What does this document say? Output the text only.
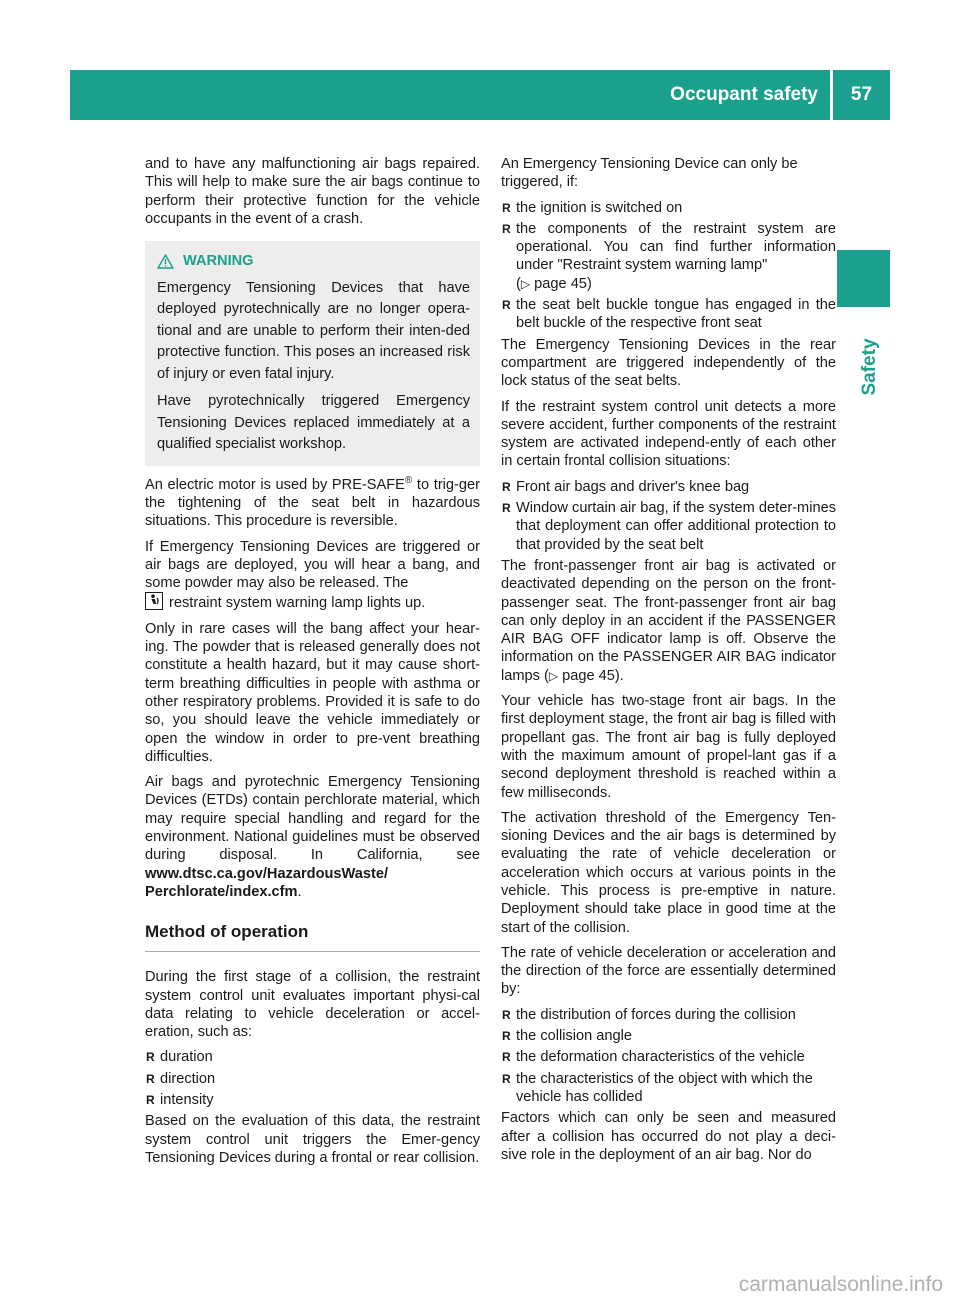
Occupant safety	57
Safety

and to have any malfunctioning air bags repaired. This will help to make sure the air bags continue to perform their protective function for the vehicle occupants in the event of a crash.

WARNING

Emergency Tensioning Devices that have deployed pyrotechnically are no longer opera-tional and are unable to perform their inten-ded protective function. This poses an increased risk of injury or even fatal injury.

Have pyrotechnically triggered Emergency Tensioning Devices replaced immediately at a qualified specialist workshop.

An electric motor is used by PRE-SAFE® to trig-ger the tightening of the seat belt in hazardous situations. This procedure is reversible.

If Emergency Tensioning Devices are triggered or air bags are deployed, you will hear a bang, and some powder may also be released. The

restraint system warning lamp lights up.

Only in rare cases will the bang affect your hear-ing. The powder that is released generally does not constitute a health hazard, but it may cause short-term breathing difficulties in people with asthma or other respiratory problems. Provided it is safe to do so, you should leave the vehicle immediately or open the window in order to pre-vent breathing difficulties.

Air bags and pyrotechnic Emergency Tensioning Devices (ETDs) contain perchlorate material, which may require special handling and regard for the environment. National guidelines must be observed during disposal. In California, see www.dtsc.ca.gov/HazardousWaste/ Perchlorate/index.cfm.

Method of operation

During the first stage of a collision, the restraint system control unit evaluates important physi-cal data relating to vehicle deceleration or accel-eration, such as:

R duration
R direction
R intensity

Based on the evaluation of this data, the restraint system control unit triggers the Emer-gency Tensioning Devices during a frontal or rear collision.

An Emergency Tensioning Device can only be triggered, if:

R the ignition is switched on
R the components of the restraint system are operational. You can find further information under "Restraint system warning lamp"
(▷ page 45)
R the seat belt buckle tongue has engaged in the belt buckle of the respective front seat

The Emergency Tensioning Devices in the rear compartment are triggered independently of the lock status of the seat belts.

If the restraint system control unit detects a more severe accident, further components of the restraint system are activated independ-ently of each other in certain frontal collision situations:

R Front air bags and driver's knee bag
R Window curtain air bag, if the system deter-mines that deployment can offer additional protection to that provided by the seat belt

The front-passenger front air bag is activated or deactivated depending on the person on the front-passenger seat. The front-passenger front air bag can only deploy in an accident if the PASSENGER AIR BAG OFF indicator lamp is off. Observe the information on the PASSENGER AIR BAG indicator lamps (▷ page 45).

Your vehicle has two-stage front air bags. In the first deployment stage, the front air bag is filled with propellant gas. The front air bag is fully deployed with the maximum amount of propel-lant gas if a second deployment threshold is reached within a few milliseconds.

The activation threshold of the Emergency Ten-sioning Devices and the air bags is determined by evaluating the rate of vehicle deceleration or acceleration which occurs at various points in the vehicle. This process is pre-emptive in nature. Deployment should take place in good time at the start of the collision.

The rate of vehicle deceleration or acceleration and the direction of the force are essentially determined by:

R the distribution of forces during the collision
R the collision angle
R the deformation characteristics of the vehicle
R the characteristics of the object with which the vehicle has collided

Factors which can only be seen and measured after a collision has occurred do not play a deci-sive role in the deployment of an air bag. Nor do

carmanualsonline.info
